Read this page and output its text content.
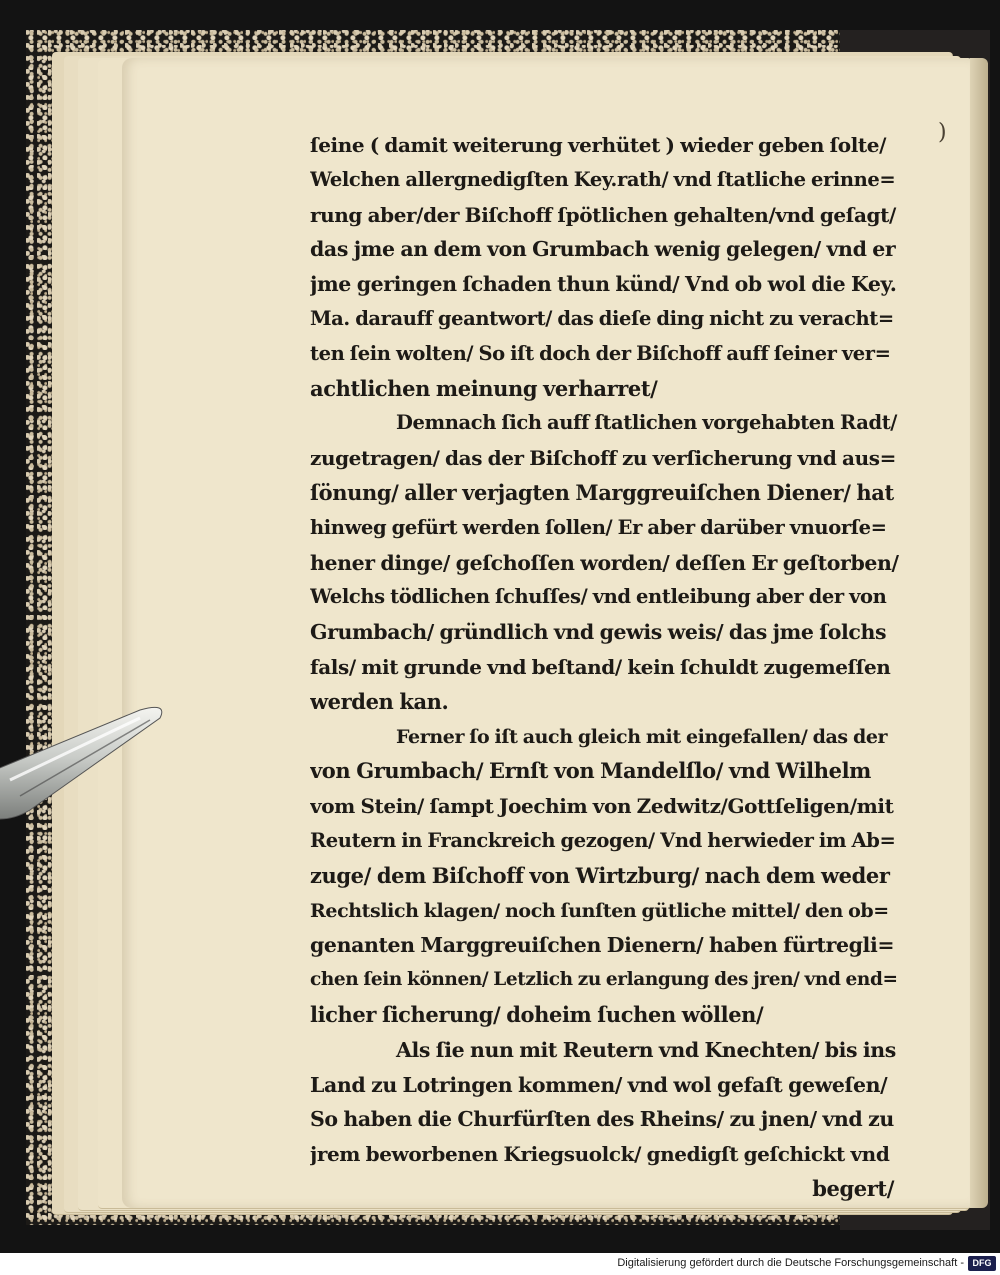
)
ſeine ( damit weiterung verhütet ) wieder geben ſolte/
Welchen allergnedigſten Key.rath/ vnd ſtatliche erinne=
rung aber/der Biſchoff ſpötlichen gehalten/vnd geſagt/
das jme an dem von Grumbach wenig gelegen/ vnd er
jme geringen ſchaden thun künd/ Vnd ob wol die Key.
Ma. darauff geantwort/ das dieſe ding nicht zu veracht=
ten ſein wolten/ So iſt doch der Biſchoff auff ſeiner ver=
achtlichen meinung verharret/
Demnach ſich auff ſtatlichen vorgehabten Radt/
zugetragen/ das der Biſchoff zu verſicherung vnd aus=
ſönung/ aller verjagten Marggreuiſchen Diener/ hat
hinweg gefürt werden ſollen/ Er aber darüber vnuorſe=
hener dinge/ geſchoſſen worden/ deſſen Er geſtorben/
Welchs tödlichen ſchuſſes/ vnd entleibung aber der von
Grumbach/ gründlich vnd gewis weis/ das jme ſolchs
fals/ mit grunde vnd beſtand/ kein ſchuldt zugemeſſen
werden kan.
Ferner ſo iſt auch gleich mit eingefallen/ das der
von Grumbach/ Ernſt von Mandelſlo/ vnd Wilhelm
vom Stein/ ſampt Joechim von Zedwitz/Gottſeligen/mit
Reutern in Franckreich gezogen/ Vnd herwieder im Ab=
zuge/ dem Biſchoff von Wirtzburg/ nach dem weder
Rechtslich klagen/ noch ſunſten gütliche mittel/ den ob=
genanten Marggreuiſchen Dienern/ haben fürtregli=
chen ſein können/ Letzlich zu erlangung des jren/ vnd end=
licher ſicherung/ doheim ſuchen wöllen/
Als ſie nun mit Reutern vnd Knechten/ bis ins
Land zu Lotringen kommen/ vnd wol gefaſt geweſen/
So haben die Churfürſten des Rheins/ zu jnen/ vnd zu
jrem beworbenen Kriegsuolck/ gnedigſt geſchickt vnd
begert/
Digitalisierung gefördert durch die Deutsche Forschungsgemeinschaft - DFG
